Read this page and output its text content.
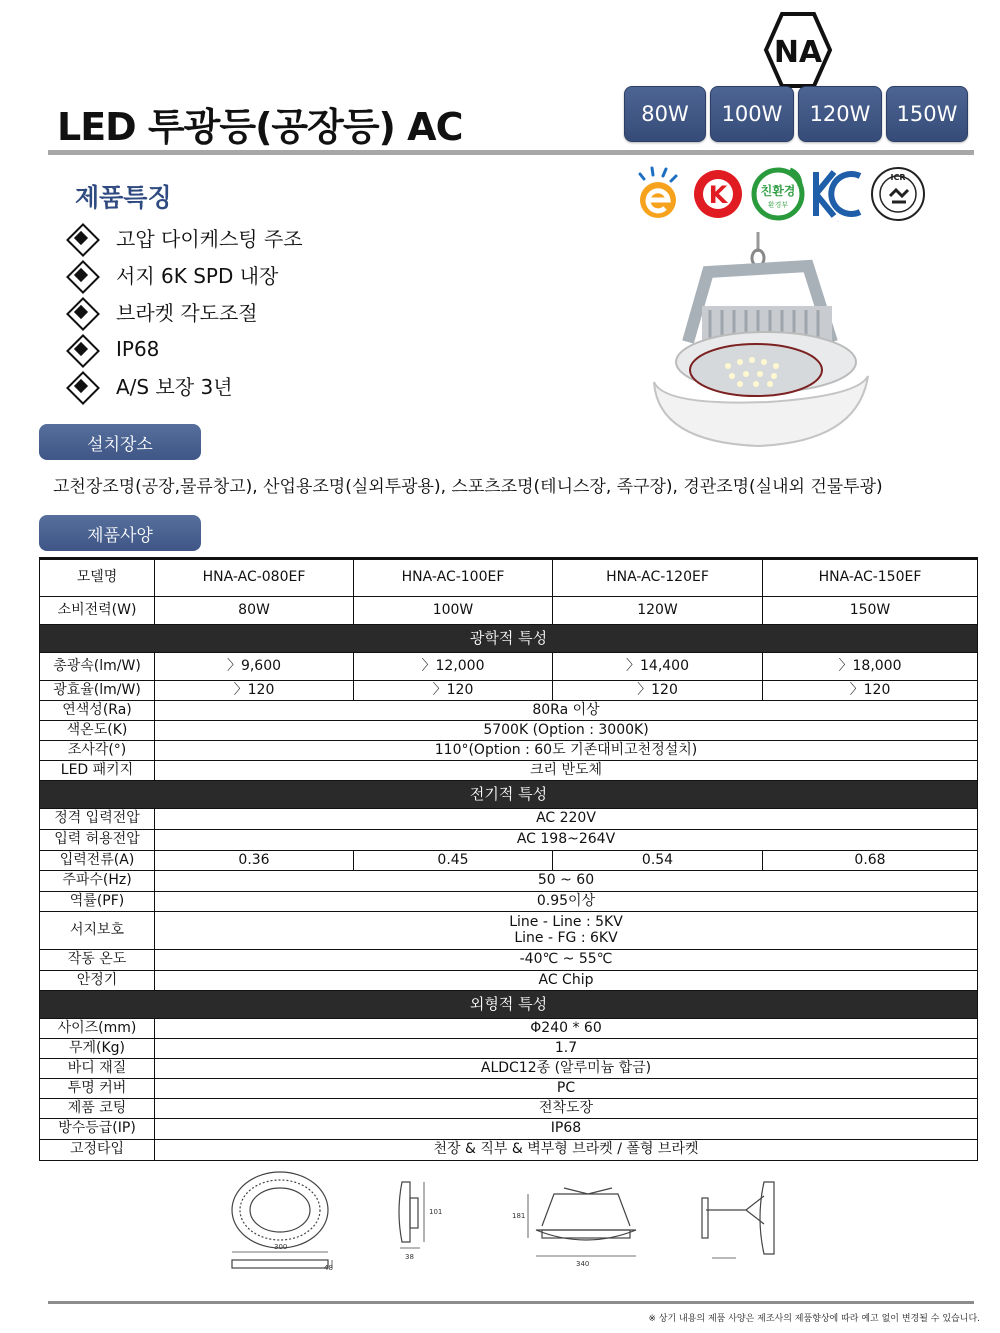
NA
LED 투광등(공장등) AC	80W	100W	120W	150W
제품특징
고압 다이케스팅 주조
서지 6K SPD 내장
브라켓 각도조절
IP68
A/S 보장 3년
K	친환경
환경부
KC
ICR
설치장소
고천장조명(공장,물류창고), 산업용조명(실외투광용), 스포츠조명(테니스장, 족구장), 경관조명(실내외 건물투광)
제품사양
모델명	HNA-AC-080EF	HNA-AC-100EF	HNA-AC-120EF	HNA-AC-150EF
소비전력(W)	80W	100W	120W	150W
광학적 특성				
총광속(lm/W)	〉9,600	〉12,000	〉14,400	〉18,000
광효율(lm/W)	〉120	〉120	〉120	〉120
연색성(Ra)	80Ra 이상			
색온도(K)	5700K (Option : 3000K)			
조사각(°)	110°(Option : 60도 기존대비고천정설치)			
LED 패키지	크리 반도체			
전기적 특성				
정격 입력전압	AC 220V			
입력 허용전압	AC 198~264V			
입력전류(A)	0.36	0.45	0.54	0.68
주파수(Hz)	50 ~ 60			
역률(PF)	0.95이상			
서지보호	Line - Line : 5KV
Line - FG : 6KV			

작동 온도	-40℃ ~ 55℃			
안정기	AC Chip			
외형적 특성				
사이즈(mm)	Φ240 * 60			
무게(Kg)	1.7			
바디 재질	ALDC12종 (알루미늄 합금)			
투명 커버	PC			
제품 코팅	전착도장			
방수등급(IP)	IP68			
고정타입	천장 & 직부 & 벽부형 브라켓 / 폴형 브라켓			
300
48
101
38
181
340
※ 상기 내용의 제품 사양은 제조사의 제품향상에 따라 예고 없이 변경될 수 있습니다.
